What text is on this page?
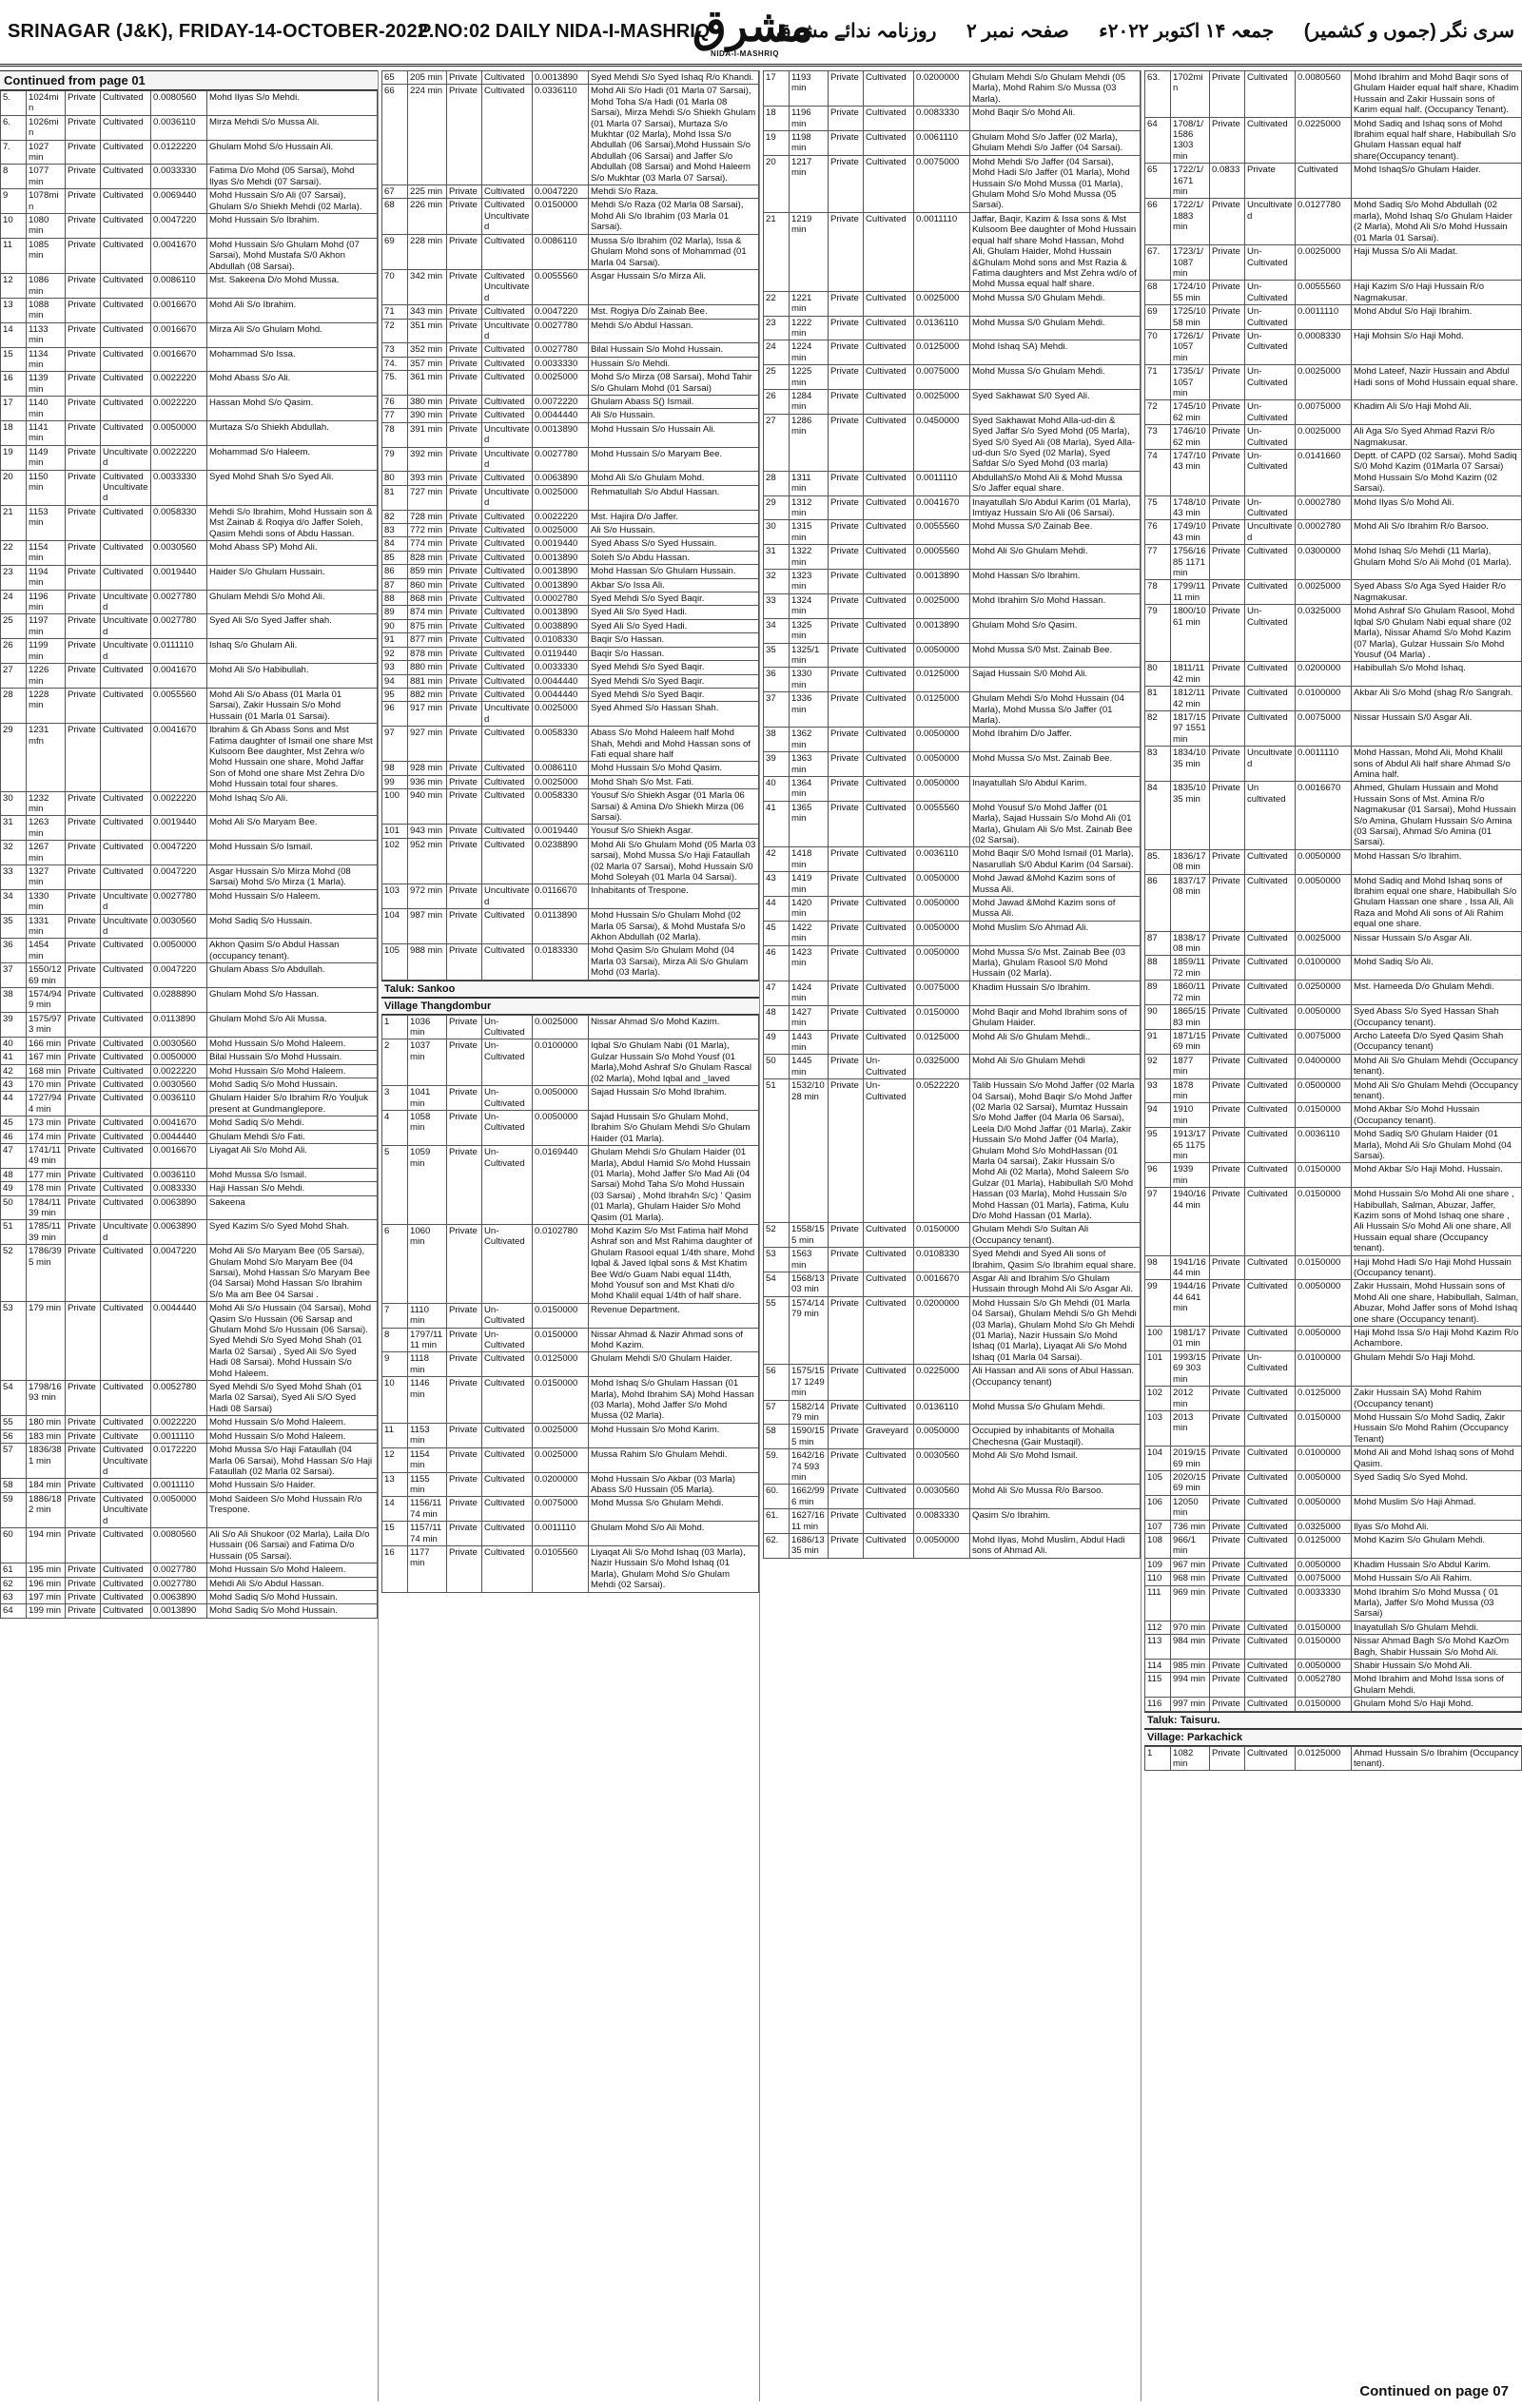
SRINAGAR (J&K), FRIDAY-14-OCTOBER-2022
P.NO:02 DAILY NIDA-I-MASHRIQ
مشرق
NIDA-I-MASHRIQ
سری نگر (جموں و کشمیر) جمعہ ۱۴ اکتوبر ۲۰۲۲ء صفحہ نمبر ۲ روزنامہ ندائے مشرق
Continued from page 01
5.	1024min	Private	Cultivated	0.0080560	Mohd Ilyas S/o Mehdi.
6.	1026min	Private	Cultivated	0.0036110	Mirza Mehdi S/o Mussa Ali.
7.	1027 min	Private	Cultivated	0.0122220	Ghulam Mohd S/o Hussain Ali.
8	1077 min	Private	Cultivated	0.0033330	Fatima D/o Mohd (05 Sarsai), Mohd Ilyas S/o Mehdi (07 Sarsai).
9	1078min	Private	Cultivated	0.0069440	Mohd Hussain S/o Ali (07 Sarsai), Ghulam S/o Shiekh Mehdi (02 Marla).
10	1080 min	Private	Cultivated	0.0047220	Mohd Hussain S/o Ibrahim.
11	1085 min	Private	Cultivated	0.0041670	Mohd Hussain S/o Ghulam Mohd (07 Sarsai), Mohd Mustafa S/0 Akhon Abdullah (08 Sarsai).
12	1086 min	Private	Cultivated	0.0086110	Mst. Sakeena D/o Mohd Mussa.
13	1088 min	Private	Cultivated	0.0016670	Mohd Ali S/o Ibrahim.
14	1133 min	Private	Cultivated	0.0016670	Mirza Ali S/o Ghulam Mohd.
15	1134 min	Private	Cultivated	0.0016670	Mohammad S/o Issa.
16	1139 min	Private	Cultivated	0.0022220	Mohd Abass S/o Ali.
17	1140 min	Private	Cultivated	0.0022220	Hassan Mohd S/o Qasim.
18	1141 min	Private	Cultivated	0.0050000	Murtaza S/o Shiekh Abdullah.
19	1149 min	Private	Uncultivated	0.0022220	Mohammad S/o Haleem.
20	1150 min	Private	Cultivated Uncultivated	0.0033330	Syed Mohd Shah S/o Syed Ali.
21	1153 min	Private	Cultivated	0.0058330	Mehdi S/o Ibrahim, Mohd Hussain son & Mst Zainab & Roqiya d/o Jaffer Soleh, Qasim Mehdi sons of Abdu Hassan.
22	1154 min	Private	Cultivated	0.0030560	Mohd Abass SP) Mohd Ali.
23	1194 min	Private	Cultivated	0.0019440	Haider S/o Ghulam Hussain.
24	1196 min	Private	Uncultivated	0.0027780	Ghulam Mehdi S/o Mohd Ali.
25	1197 min	Private	Uncultivated	0.0027780	Syed Ali S/o Syed Jaffer shah.
26	1199 min	Private	Uncultivated	0.0111110	Ishaq S/o Ghulam Ali.
27	1226 min	Private	Cultivated	0.0041670	Mohd Ali S/o Habibullah.
28	1228 min	Private	Cultivated	0.0055560	Mohd Ali S/o Abass (01 Marla 01 Sarsai), Zakir Hussain S/o Mohd Hussain (01 Marla 01 Sarsai).
29	1231 mfn	Private	Cultivated	0.0041670	Ibrahim & Gh Abass Sons and Mst Fatima daughter of Ismail one share Mst Kulsoom Bee daughter, Mst Zehra w/o Mohd Hussain one share, Mohd Jaffar Son of Mohd one share Mst Zehra D/o Mohd Hussain total four shares.
30	1232 min	Private	Cultivated	0.0022220	Mohd Ishaq S/o Ali.
31	1263 min	Private	Cultivated	0.0019440	Mohd Ali S/o Maryam Bee.
32	1267 min	Private	Cultivated	0.0047220	Mohd Hussain S/o Ismail.
33	1327 min	Private	Cultivated	0.0047220	Asgar Hussain S/o Mirza Mohd (08 Sarsai) Mohd S/o Mirza (1 Marla).
34	1330 min	Private	Uncultivated	0.0027780	Mohd Hussain S/o Haleem.
35	1331 min	Private	Uncultivated	0.0030560	Mohd Sadiq S/o Hussain.
36	1454 min	Private	Cultivated	0.0050000	Akhon Qasim S/o Abdul Hassan (occupancy tenant).
37	1550/1269 min	Private	Cultivated	0.0047220	Ghulam Abass S/o Abdullah.
38	1574/949 min	Private	Cultivated	0.0288890	Ghulam Mohd S/o Hassan.
39	1575/973 min	Private	Cultivated	0.0113890	Ghulam Mohd S/o Ali Mussa.
40	166 min	Private	Cultivated	0.0030560	Mohd Hussain S/o Mohd Haleem.
41	167 min	Private	Cultivated	0.0050000	Bilal Hussain S/o Mohd Hussain.
42	168 min	Private	Cultivated	0.0022220	Mohd Hussain S/o Mohd Haleem.
43	170 min	Private	Cultivated	0.0030560	Mohd Sadiq S/o Mohd Hussain.
44	1727/944 min	Private	Cultivated	0.0036110	Ghulam Haider S/o Ibrahim R/o Youljuk present at Gundmanglepore.
45	173 min	Private	Cultivated	0.0041670	Mohd Sadiq S/o Mehdi.
46	174 min	Private	Cultivated	0.0044440	Ghulam Mehdi S/o Fati.
47	1741/1149 min	Private	Cultivated	0.0016670	Liyagat Ali S/o Mohd Ali.
48	177 min	Private	Cultivated	0.0036110	Mohd Mussa S/o Ismail.
49	178 min	Private	Cultivated	0.0083330	Haji Hassan S/o Mehdi.
50	1784/1139 min	Private	Cultivated	0.0063890	Sakeena
51	1785/1139 min	Private	Uncultivated	0.0063890	Syed Kazim S/o Syed Mohd Shah.
52	1786/395 min	Private	Cultivated	0.0047220	Mohd Ali S/o Maryam Bee (05 Sarsai), Ghulam Mohd S/o Maryam Bee (04 Sarsai), Mohd Hassan S/o Maryam Bee (04 Sarsai) Mohd Hassan S/o Ibrahim S/o Ma am Bee 04 Sarsai .
53	179 min	Private	Cultivated	0.0044440	Mohd Ali S/o Hussain (04 Sarsai), Mohd Qasim S/o Hussain (06 Sarsap and Ghulam Mohd S/o Hussain (06 Sarsai). Syed Mehdi S/o Syed Mohd Shah (01 Marla 02 Sarsai) , Syed Ali S/o Syed Hadi 08 Sarsai). Mohd Hussain S/o Mohd Haleem.
54	1798/1693 min	Private	Cultivated	0.0052780	Syed Mehdi S/o Syed Mohd Shah (01 Marla 02 Sarsai), Syed Ali S/O Syed Hadi 08 Sarsai)
55	180 min	Private	Cultivated	0.0022220	Mohd Hussain S/o Mohd Haleem.
56	183 min	Private	Cultivate	0.0011110	Mohd Hussain S/o Mohd Haleem.
57	1836/381 min	Private	Cultivated Uncultivated	0.0172220	Mohd Mussa S/o Haji Fataullah (04 Marla 06 Sarsai), Mohd Hassan S/o Haji Fataullah (02 Marla 02 Sarsai).
58	184 min	Private	Cultivated	0.0011110	Mohd Hussain S/o Haider.
59	1886/182 min	Private	Cultivated Uncultivated	0.0050000	Mohd Saideen S/o Mohd Hussain R/o Trespone.
60	194 min	Private	Cultivated	0.0080560	Ali S/o Ali Shukoor (02 Marla), Laila D/o Hussain (06 Sarsai) and Fatima D/o Hussain (05 Sarsai).
61	195 min	Private	Cultivated	0.0027780	Mohd Hussain S/o Mohd Haleem.
62	196 min	Private	Cultivated	0.0027780	Mehdi Ali S/o Abdul Hassan.
63	197 min	Private	Cultivated	0.0063890	Mohd Sadiq S/o Mohd Hussain.
64	199 min	Private	Cultivated	0.0013890	Mohd Sadiq S/o Mohd Hussain.
65	205 min	Private	Cultivated	0.0013890	Syed Mehdi S/o Syed Ishaq R/o Khandi.
66	224 min	Private	Cultivated	0.0336110	Mohd Ali S/o Hadi (01 Marla 07 Sarsai), Mohd Toha S/a Hadi (01 Marla 08 Sarsai), Mirza Mehdi S/o Shiekh Ghulam (01 Marla 07 Sarsai), Murtaza S/o Mukhtar (02 Marla), Mohd Issa S/o Abdullah (06 Sarsai),Mohd Hussain S/o Abdullah (06 Sarsai) and Jaffer S/o Abdullah (08 Sarsai) and Mohd Haleem S/o Mukhtar (03 Marla 07 Sarsai).
67	225 min	Private	Cultivated	0.0047220	Mehdi S/o Raza.
68	226 min	Private	Cultivated Uncultivated	0.0150000	Mehdi S/o Raza (02 Marla 08 Sarsai), Mohd Ali S/o Ibrahim (03 Marla 01 Sarsai).
69	228 min	Private	Cultivated	0.0086110	Mussa S/o Ibrahim (02 Marla), Issa & Ghulam Mohd sons of Mohammad (01 Marla 04 Sarsai).
70	342 min	Private	Cultivated Uncultivated	0.0055560	Asgar Hussain S/o Mirza Ali.
71	343 min	Private	Cultivated	0.0047220	Mst. Rogiya D/o Zainab Bee.
72	351 min	Private	Uncultivated	0.0027780	Mehdi S/o Abdul Hassan.
73	352 min	Private	Cultivated	0.0027780	Bilal Hussain S/o Mohd Hussain.
74.	357 min	Private	Cultivated	0.0033330	Hussain S/o Mehdi.
75.	361 min	Private	Cultivated	0.0025000	Mohd S/o Mirza (08 Sarsai), Mohd Tahir S/o Ghulam Mohd (01 Sarsai)
76	380 min	Private	Cultivated	0.0072220	Ghulam Abass S() Ismail.
77	390 min	Private	Cultivated	0.0044440	Ali S/o Hussain.
78	391 min	Private	Uncultivated	0.0013890	Mohd Hussain S/o Hussain Ali.
79	392 min	Private	Uncultivated	0.0027780	Mohd Hussain S/o Maryam Bee.
80	393 min	Private	Cultivated	0.0063890	Mohd Ali S/o Ghulam Mohd.
81	727 min	Private	Uncultivated	0.0025000	Rehmatullah S/o Abdul Hassan.
82	728 min	Private	Cultivated	0.0022220	Mst. Hajira D/o Jaffer.
83	772 min	Private	Cultivated	0.0025000	Ali S/o Hussain.
84	774 min	Private	Cultivated	0.0019440	Syed Abass S/o Syed Hussain.
85	828 min	Private	Cultivated	0.0013890	Soleh S/o Abdu Hassan.
86	859 min	Private	Cultivated	0.0013890	Mohd Hassan S/o Ghulam Hussain.
87	860 min	Private	Cultivated	0.0013890	Akbar S/o Issa Ali.
88	868 min	Private	Cultivated	0.0002780	Syed Mehdi S/o Syed Baqir.
89	874 min	Private	Cultivated	0.0013890	Syed Ali S/o Syed Hadi.
90	875 min	Private	Cultivated	0.0038890	Syed Ali S/o Syed Hadi.
91	877 min	Private	Cultivated	0.0108330	Baqir S/o Hassan.
92	878 min	Private	Cultivated	0.0119440	Baqir S/o Hassan.
93	880 min	Private	Cultivated	0.0033330	Syed Mehdi S/o Syed Baqir.
94	881 min	Private	Cultivated	0.0044440	Syed Mehdi S/o Syed Baqir.
95	882 min	Private	Cultivated	0.0044440	Syed Mehdi S/o Syed Baqir.
96	917 min	Private	Uncultivated	0.0025000	Syed Ahmed S/o Hassan Shah.
97	927 min	Private	Cultivated	0.0058330	Abass S/o Mohd Haleem half Mohd Shah, Mehdi and Mohd Hassan sons of Fati equal share half
98	928 min	Private	Cultivated	0.0086110	Mohd Hussain S/o Mohd Qasim.
99	936 min	Private	Cultivated	0.0025000	Mohd Shah S/o Mst. Fati.
100	940 min	Private	Cultivated	0.0058330	Yousuf S/o Shiekh Asgar (01 Marla 06 Sarsai) & Amina D/o Shiekh Mirza (06 Sarsai).
101	943 min	Private	Cultivated	0.0019440	Yousuf S/o Shiekh Asgar.
102	952 min	Private	Cultivated	0.0238890	Mohd Ali S/o Ghulam Mohd (05 Marla 03 sarsai), Mohd Mussa S/o Haji Fataullah (02 Marla 07 Sarsai), Mohd Hussain S/0 Mohd Soleyah (01 Marla 04 Sarsai).
103	972 min	Private	Uncultivated	0.0116670	Inhabitants of Trespone.
104	987 min	Private	Cultivated	0.0113890	Mohd Hussain S/o Ghulam Mohd (02 Marla 05 Sarsai), & Mohd Mustafa S/o Akhon Abdullah (02 Marla).
105	988 min	Private	Cultivated	0.0183330	Mohd Qasim S/o Ghulam Mohd (04 Marla 03 Sarsai), Mirza Ali S/o Ghulam Mohd (03 Marla).
Taluk: Sankoo
Village Thangdombur
1	1036 min	Private	Un-Cultivated	0.0025000	Nissar Ahmad S/o Mohd Kazim.
2	1037 min	Private	Un-Cultivated	0.0100000	Iqbal S/o Ghulam Nabi (01 Marla), Gulzar Hussain S/o Mohd Yousf (01 Marla),Mohd Ashraf S/o Ghulam Rascal (02 Marla), Mohd Iqbal and _laved
3	1041 min	Private	Un-Cultivated	0.0050000	Sajad Hussain S/o Mohd Ibrahim.
4	1058 min	Private	Un-Cultivated	0.0050000	Sajad Hussain S/o Ghulam Mohd, Ibrahim S/o Ghulam Mehdi S/o Ghulam Haider (01 Marla).
5	1059 min	Private	Un-Cultivated	0.0169440	Ghulam Mehdi S/o Ghulam Haider (01 Marla), Abdul Hamid S/o Mohd Hussain (01 Marla), Mohd Jaffer S/o Mad Ali (04 Sarsai) Mohd Taha S/o Mohd Hussain (03 Sarsai) , Mohd Ibrah4n S/c) ' Qasim (01 Marla), Ghulam Haider S/o Mohd Qasim (01 Marla).
6	1060 min	Private	Un-Cultivated	0.0102780	Mohd Kazim S/o Mst Fatima half Mohd Ashraf son and Mst Rahima daughter of Ghulam Rasool equal 1/4th share, Mohd Iqbal & Javed Iqbal sons & Mst Khatim Bee Wd/o Guam Nabi equal 114th, Mohd Yousuf son and Mst Khati d/o Mohd Khalil equal 1/4th of half share.
7	1110 min	Private	Un-Cultivated	0.0150000	Revenue Department.
8	1797/1111 min	Private	Un-Cultivated	0.0150000	Nissar Ahmad & Nazir Ahmad sons of Mohd Kazim.
9	1118 min	Private	Cultivated	0.0125000	Ghulam Mehdi S/0 Ghulam Haider.
10	1146 min	Private	Cultivated	0.0150000	Mohd Ishaq S/o Ghulam Hassan (01 Marla), Mohd Ibrahim SA) Mohd Hassan (03 Marla), Mohd Jaffer S/o Mohd Mussa (02 Marla).
11	1153 min	Private	Cultivated	0.0025000	Mohd Hussain S/o Mohd Karim.
12	1154 min	Private	Cultivated	0.0025000	Mussa Rahim S/o Ghulam Mehdi.
13	1155 min	Private	Cultivated	0.0200000	Mohd Hussain S/o Akbar (03 Marla) Abass S/0 Hussain (05 Marla).
14	1156/1174 min	Private	Cultivated	0.0075000	Mohd Mussa S/o Ghulam Mehdi.
15	1157/1174 min	Private	Cultivated	0.0011110	Ghulam Mohd S/o Ali Mohd.
16	1177 min	Private	Cultivated	0.0105560	Liyaqat Ali S/o Mohd Ishaq (03 Marla), Nazir Hussain S/o Mohd Ishaq (01 Marla), Ghulam Mohd S/o Ghulam Mehdi (02 Sarsai).
17	1193 min	Private	Cultivated	0.0200000	Ghulam Mehdi S/o Ghulam Mehdi (05 Marla), Mohd Rahim S/o Mussa (03 Marla).
18	1196 min	Private	Cultivated	0.0083330	Mohd Baqir S/o Mohd Ali.
19	1198 min	Private	Cultivated	0.0061110	Ghulam Mohd S/o Jaffer (02 Marla), Ghulam Mehdi S/o Jaffer (04 Sarsai).
20	1217 min	Private	Cultivated	0.0075000	Mohd Mehdi S/o Jaffer (04 Sarsai), Mohd Hadi S/o Jaffer (01 Marla), Mohd Hussain S/o Mohd Mussa (01 Marla), Ghulam Mohd S/o Mohd Mussa (05 Sarsai).
21	1219 min	Private	Cultivated	0.0011110	Jaffar, Baqir, Kazim & Issa sons & Mst Kulsoom Bee daughter of Mohd Hussain equal half share Mohd Hassan, Mohd Ali, Ghulam Haider, Mohd Hussain &Ghulam Mohd sons and Mst Razia & Fatima daughters and Mst Zehra wd/o of Mohd Mussa equal half share.
22	1221 min	Private	Cultivated	0.0025000	Mohd Mussa S/0 Ghulam Mehdi.
23	1222 min	Private	Cultivated	0.0136110	Mohd Mussa S/0 Ghulam Mehdi.
24	1224 min	Private	Cultivated	0.0125000	Mohd Ishaq SA) Mehdi.
25	1225 min	Private	Cultivated	0.0075000	Mohd Mussa S/o Ghulam Mehdi.
26	1284 min	Private	Cultivated	0.0025000	Syed Sakhawat S/0 Syed Ali.
27	1286 min	Private	Cultivated	0.0450000	Syed Sakhawat Mohd Alla-ud-din & Syed Jaffar S/o Syed Mohd (05 Marla), Syed S/0 Syed Ali (08 Marla), Syed Alla-ud-dun S/o Syed (02 Marla), Syed Safdar S/o Syed Mohd (03 marla)
28	1311 min	Private	Cultivated	0.0011110	AbdullahS/o Mohd Ali & Mohd Mussa S/o Jaffer equal share.
29	1312 min	Private	Cultivated	0.0041670	Inayatullah S/o Abdul Karim (01 Marla), Imtiyaz Hussain S/o Ali (06 Sarsai).
30	1315 min	Private	Cultivated	0.0055560	Mohd Mussa S/0 Zainab Bee.
31	1322 min	Private	Cultivated	0.0005560	Mohd Ali S/o Ghulam Mehdi.
32	1323 min	Private	Cultivated	0.0013890	Mohd Hassan S/o Ibrahim.
33	1324 min	Private	Cultivated	0.0025000	Mohd Ibrahim S/o Mohd Hassan.
34	1325 min	Private	Cultivated	0.0013890	Ghulam Mohd S/o Qasim.
35	1325/1 min	Private	Cultivated	0.0050000	Mohd Mussa S/0 Mst. Zainab Bee.
36	1330 min	Private	Cultivated	0.0125000	Sajad Hussain S/0 Mohd Ali.
37	1336 min	Private	Cultivated	0.0125000	Ghulam Mehdi S/o Mohd Hussain (04 Marla), Mohd Mussa S/o Jaffer (01 Marla).
38	1362 min	Private	Cultivated	0.0050000	Mohd Ibrahim D/o Jaffer.
39	1363 min	Private	Cultivated	0.0050000	Mohd Mussa S/o Mst. Zainab Bee.
40	1364 min	Private	Cultivated	0.0050000	Inayatullah S/o Abdul Karim.
41	1365 min	Private	Cultivated	0.0055560	Mohd Yousuf S/o Mohd Jaffer (01 Marla), Sajad Hussain S/o Mohd Ali (01 Marla), Ghulam Ali S/o Mst. Zainab Bee (02 Sarsai).
42	1418 min	Private	Cultivated	0.0036110	Mohd Baqir S/0 Mohd Ismail (01 Marla), Nasarullah S/0 Abdul Karim (04 Sarsai).
43	1419 min	Private	Cultivated	0.0050000	Mohd Jawad &Mohd Kazim sons of Mussa Ali.
44	1420 min	Private	Cultivated	0.0050000	Mohd Jawad &Mohd Kazim sons of Mussa Ali.
45	1422 min	Private	Cultivated	0.0050000	Mohd Muslim S/o Ahmad Ali.
46	1423 min	Private	Cultivated	0.0050000	Mohd Mussa S/o Mst. Zainab Bee (03 Marla), Ghulam Rasool S/0 Mohd Hussain (02 Marla).
47	1424 min	Private	Cultivated	0.0075000	Khadim Hussain S/o Ibrahim.
48	1427 min	Private	Cultivated	0.0150000	Mohd Baqir and Mohd Ibrahim sons of Ghulam Haider.
49	1443 min	Private	Cultivated	0.0125000	Mohd Ali S/o Ghulam Mehdi..
50	1445 min	Private	Un-Cultivated	0.0325000	Mohd Ali S/o Ghulam Mehdi
51	1532/1028 min	Private	Un-Cultivated	0.0522220	Talib Hussain S/o Mohd Jaffer (02 Marla 04 Sarsai), Mohd Baqir S/o Mohd Jaffer (02 Marla 02 Sarsai), Mumtaz Hussain S/o Mohd Jaffer (04 Marla 06 Sarsai), Leela D/0 Mohd Jaffar (01 Marla), Zakir Hussain S/o Mohd Jaffer (04 Marla), Ghulam Mohd S/o MohdHassan (01 Marla 04 sarsai), Zakir Hussain S/o Mohd Ali (02 Marla), Mohd Saleem S/o Gulzar (01 Marla), Habibullah S/0 Mohd Hassan (03 Marla), Mohd Hussain S/o Mohd Hassan (01 Marla), Fatima, Kulu D/o Mohd Hassan (01 Marla).
52	1558/155 min	Private	Cultivated	0.0150000	Ghulam Mehdi S/o Sultan Ali (Occupancy tenant).
53	1563 min	Private	Cultivated	0.0108330	Syed Mehdi and Syed Ali sons of Ibrahim, Qasim S/o Ibrahim equal share.
54	1568/1303 min	Private	Cultivated	0.0016670	Asgar Ali and Ibrahim S/o Ghulam Hussain through Mohd Ali S/o Asgar Ali.
55	1574/1479 min	Private	Cultivated	0.0200000	Mohd Hussain S/o Gh Mehdi (01 Marla 04 Sarsai), Ghulam Mehdi S/o Gh Mehdi (03 Marla), Ghulam Mohd S/o Gh Mehdi (01 Marla), Nazir Hussain S/o Mohd Ishaq (01 Marla), Liyaqat Ali S/o Mohd Ishaq (01 Marla 04 Sarsai).
56	1575/1517 1249 min	Private	Cultivated	0.0225000	Ali Hassan and Ali sons of Abul Hassan. (Occupancy tenant)
57	1582/1479 min	Private	Cultivated	0.0136110	Mohd Mussa S/o Ghulam Mehdi.
58	1590/155 min	Private	Graveyard	0.0050000	Occupied by inhabitants of Mohalla Chechesna (Gair Mustaqil).
59.	1642/1674 593 min	Private	Cultivated	0.0030560	Mohd Ali S/o Mohd Ismail.
60.	1662/996 min	Private	Cultivated	0.0030560	Mohd Ali S/o Mussa R/o Barsoo.
61.	1627/1611 min	Private	Cultivated	0.0083330	Qasim S/o Ibrahim.
62.	1686/1335 min	Private	Cultivated	0.0050000	Mohd Ilyas, Mohd Muslim, Abdul Hadi sons of Ahmad Ali.
63.	1702min	Private	Cultivated	0.0080560	Mohd Ibrahim and Mohd Baqir sons of Ghulam Haider equal half share, Khadim Hussain and Zakir Hussain sons of Karim equal half. (Occupancy Tenant).
64	1708/1/1586 1303 min	Private	Cultivated	0.0225000	Mohd Sadiq and Ishaq sons of Mohd Ibrahim equal half share, Habibullah S/o Ghulam Hassan equal half share(Occupancy tenant).
65	1722/1/1671 min	0.0833	Private	Cultivated	Mohd IshaqS/o Ghulam Haider.
66	1722/1/1883 min	Private	Uncultivated	0.0127780	Mohd Sadiq S/o Mohd Abdullah (02 marla), Mohd Ishaq S/o Ghulam Haider (2 Marla), Mohd Ali S/o Mohd Hussain (01 Marla 01 Sarsai).
67.	1723/1/1087 min	Private	Un-Cultivated	0.0025000	Haji Mussa S/o Ali Madat.
68	1724/1055 min	Private	Un-Cultivated	0.0055560	Haji Kazim S/o Haji Hussain R/o Nagmakusar.
69	1725/1058 min	Private	Un-Cultivated	0.0011110	Mohd Abdul S/o Haji Ibrahim.
70	1726/1/1057 min	Private	Un-Cultivated	0.0008330	Haji Mohsin S/o Haji Mohd.
71	1735/1/1057 min	Private	Un-Cultivated	0.0025000	Mohd Lateef, Nazir Hussain and Abdul Hadi sons of Mohd Hussain equal share.
72	1745/1062 min	Private	Un-Cultivated	0.0075000	Khadim Ali S/o Haji Mohd Ali.
73	1746/1062 min	Private	Un-Cultivated	0.0025000	Ali Aga S/o Syed Ahmad Razvi R/o Nagmakusar.
74	1747/1043 min	Private	Un-Cultivated	0.0141660	Deptt. of CAPD (02 Sarsai). Mohd Sadiq S/0 Mohd Kazim (01Marla 07 Sarsai) Mohd Hussain S/o Mohd Kazim (02 Sarsai).
75	1748/1043 min	Private	Un-Cultivated	0.0002780	Mohd Ilyas S/o Mohd Ali.
76	1749/1043 min	Private	Uncultivated	0.0002780	Mohd Ali S/o Ibrahim R/o Barsoo.
77	1756/1685 1171 min	Private	Cultivated	0.0300000	Mohd Ishaq S/o Mehdi (11 Marla), Ghulam Mohd S/o Ali Mohd (01 Marla).
78	1799/1111 min	Private	Cultivated	0.0025000	Syed Abass S/o Aga Syed Haider R/o Nagmakusar.
79	1800/1061 min	Private	Un-Cultivated	0.0325000	Mohd Ashraf S/o Ghulam Rasool, Mohd Iqbal S/0 Ghulam Nabi equal share (02 Marla), Nissar Ahamd S/o Mohd Kazim (07 Marla), Gulzar Hussain S/o Mohd Yousuf (04 Marla) .
80	1811/1142 min	Private	Cultivated	0.0200000	Habibullah S/o Mohd Ishaq.
81	1812/1142 min	Private	Cultivated	0.0100000	Akbar Ali S/o Mohd (shag R/o Sangrah.
82	1817/1597 1551 min	Private	Cultivated	0.0075000	Nissar Hussain S/0 Asgar Ali.
83	1834/1035 min	Private	Uncultivated	0.0011110	Mohd Hassan, Mohd Ali, Mohd Khalil sons of Abdul Ali half share Ahmad S/o Amina half.
84	1835/1035 min	Private	Un cultivated	0.0016670	Ahmed, Ghulam Hussain and Mohd Hussain Sons of Mst. Amina R/o Nagmakusar (01 Sarsai), Mohd Hussain S/o Amina, Ghulam Hussain S/o Amina (03 Sarsai), Ahmad S/o Amina (01 Sarsai).
85.	1836/1708 min	Private	Cultivated	0.0050000	Mohd Hassan S/o Ibrahim.
86	1837/1708 min	Private	Cultivated	0.0050000	Mohd Sadiq and Mohd Ishaq sons of Ibrahim equal one share, Habibullah S/o Ghulam Hassan one share , Issa Ali, Ali Raza and Mohd Ali sons of Ali Rahim equal one share.
87	1838/1708 min	Private	Cultivated	0.0025000	Nissar Hussain S/o Asgar Ali.
88	1859/1172 min	Private	Cultivated	0.0100000	Mohd Sadiq S/o Ali.
89	1860/1172 min	Private	Cultivated	0.0250000	Mst. Hameeda D/o Ghulam Mehdi.
90	1865/1583 min	Private	Cultivated	0.0050000	Syed Abass S/o Syed Hassan Shah (Occupancy tenant).
91	1871/1569 min	Private	Cultivated	0.0075000	Archo Lateefa D/o Syed Qasim Shah (Occupancy tenant)
92	1877 min	Private	Cultivated	0.0400000	Mohd Ali S/o Ghulam Mehdi (Occupancy tenant).
93	1878 min	Private	Cultivated	0.0500000	Mohd Ali S/o Ghulam Mehdi (Occupancy tenant).
94	1910 min	Private	Cultivated	0.0150000	Mohd Akbar S/o Mohd Hussain (Occupancy tenant).
95	1913/1765 1175 min	Private	Cultivated	0.0036110	Mohd Sadiq S/0 Ghulam Haider (01 Marla), Mohd Ali S/o Ghulam Mohd (04 Sarsai).
96	1939 min	Private	Cultivated	0.0150000	Mohd Akbar S/o Haji Mohd. Hussain.
97	1940/1644 min	Private	Cultivated	0.0150000	Mohd Hussain S/o Mohd Ali one share , Habibullah, Salman, Abuzar, Jaffer, Kazim sons of Mohd Ishaq one share , Ali Hussain S/o Mohd Ali one share, All Hussain equal share (Occupancy tenant).
98	1941/1644 min	Private	Cultivated	0.0150000	Haji Mohd Hadi S/o Haji Mohd Hussain (Occupancy tenant).
99	1944/1644 641 min	Private	Cultivated	0.0050000	Zakir Hussain, Mohd Hussain sons of Mohd Ali one share, Habibullah, Salman, Abuzar, Mohd Jaffer sons of Mohd Ishaq one share (Occupancy tenant).
100	1981/1701 min	Private	Cultivated	0.0050000	Haji Mohd Issa S/o Haji Mohd Kazim R/o Achambore.
101	1993/1569 303 min	Private	Un-Cultivated	0.0100000	Ghulam Mehdi S/o Haji Mohd.
102	2012 min	Private	Cultivated	0.0125000	Zakir Hussain SA) Mohd Rahim (Occupancy tenant)
103	2013 min	Private	Cultivated	0.0150000	Mohd Hussain S/o Mohd Sadiq, Zakir Hussain S/o Mohd Rahim (Occupancy Tenant)
104	2019/1569 min	Private	Cultivated	0.0100000	Mohd Ali and Mohd Ishaq sons of Mohd Qasim.
105	2020/1569 min	Private	Cultivated	0.0050000	Syed Sadiq S/o Syed Mohd.
106	12050 min	Private	Cultivated	0.0050000	Mohd Muslim S/o Haji Ahmad.
107	736 min	Private	Cultivated	0.0325000	Ilyas S/o Mohd Ali.
108	966/1 min	Private	Cultivated	0.0125000	Mohd Kazim S/o Ghulam Mehdi.
109	967 min	Private	Cultivated	0.0050000	Khadim Hussain S/o Abdul Karim.
110	968 min	Private	Cultivated	0.0075000	Mohd Hussain S/o Ali Rahim.
111	969 min	Private	Cultivated	0.0033330	Mohd Ibrahim S/o Mohd Mussa ( 01 Marla), Jaffer S/o Mohd Mussa (03 Sarsai)
112	970 min	Private	Cultivated	0.0150000	Inayatullah S/o Ghulam Mehdi.
113	984 min	Private	Cultivated	0.0150000	Nissar Ahmad Bagh S/o Mohd KazOm Bagh, Shabir Hussain S/o Mohd Ali.
114	985 min	Private	Cultivated	0.0050000	Shabir Hussain S/o Mohd Ali.
115	994 min	Private	Cultivated	0.0052780	Mohd Ibrahim and Mohd Issa sons of Ghulam Mehdi.
116	997 min	Private	Cultivated	0.0150000	Ghulam Mohd S/o Haji Mohd.
Taluk: Taisuru.
Village: Parkachick
1	1082 min	Private	Cultivated	0.0125000	Ahmad Hussain S/o Ibrahim (Occupancy tenant).
Continued on page 07
